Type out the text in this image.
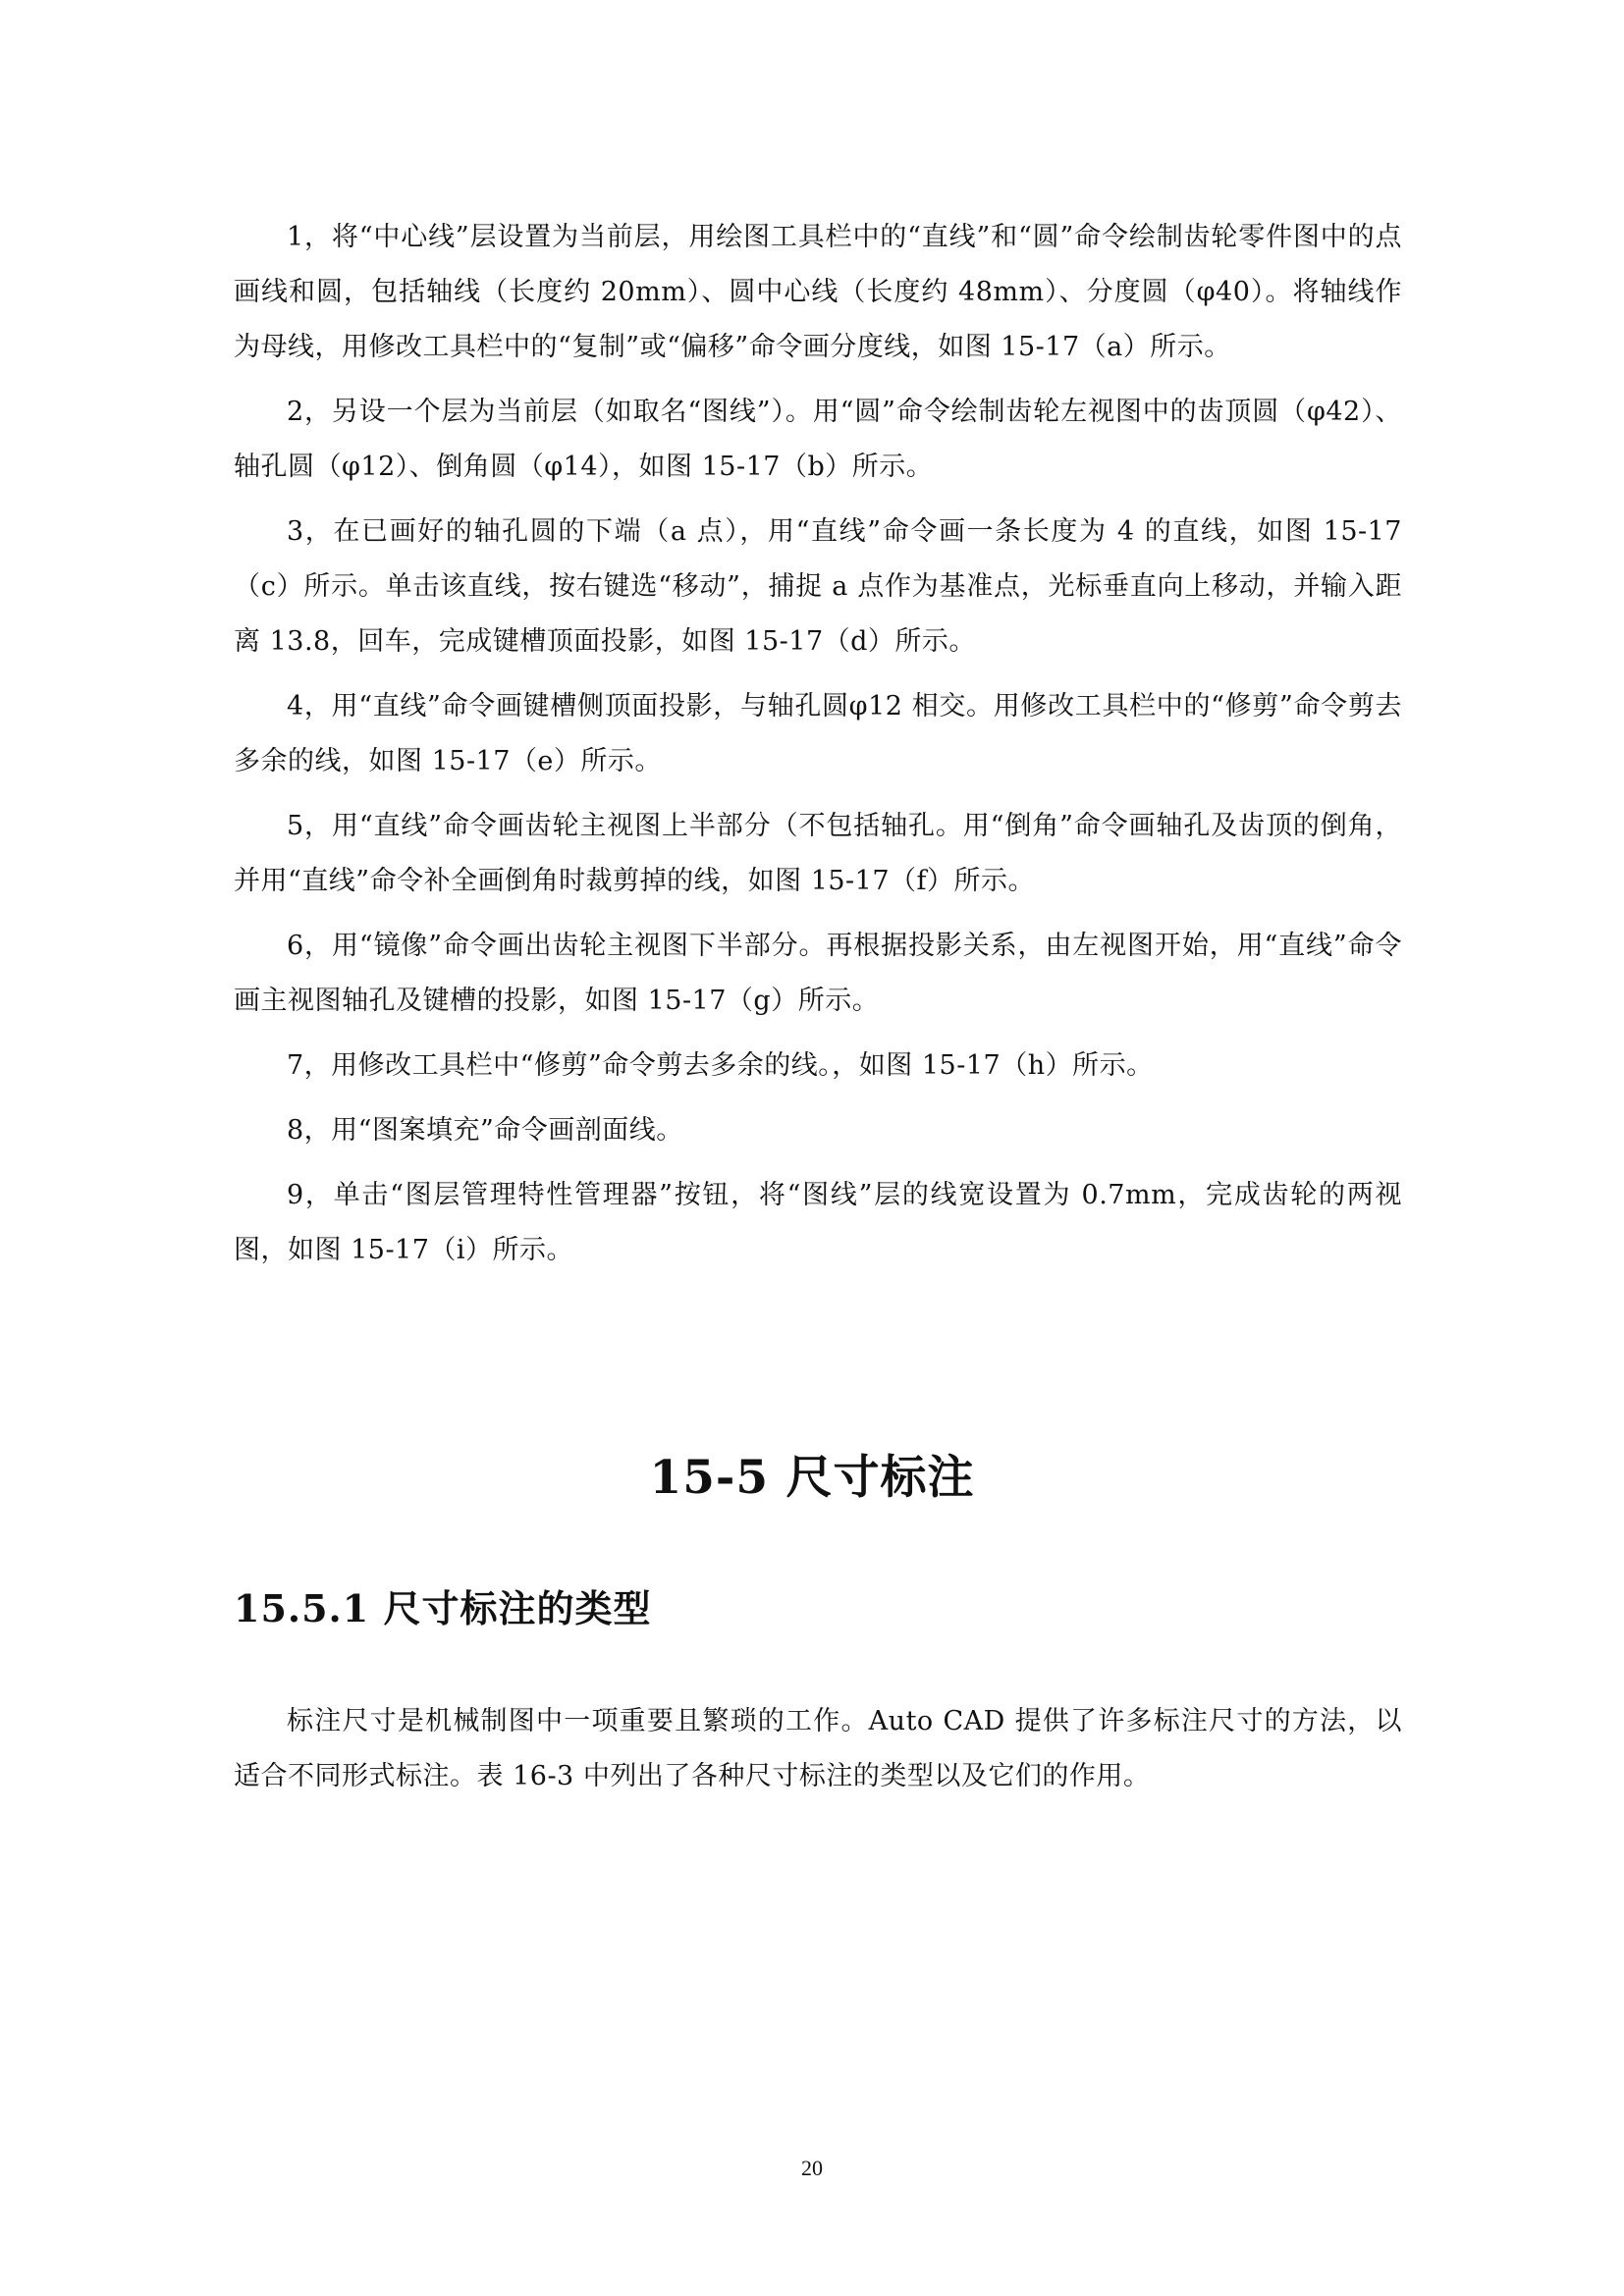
1，将“中心线”层设置为当前层，用绘图工具栏中的“直线”和“圆”命令绘制齿轮零件图中的点画线和圆，包括轴线（长度约 20mm）、圆中心线（长度约 48mm）、分度圆（φ40）。将轴线作为母线，用修改工具栏中的“复制”或“偏移”命令画分度线，如图 15-17（a）所示。

2，另设一个层为当前层（如取名“图线”）。用“圆”命令绘制齿轮左视图中的齿顶圆（φ42）、轴孔圆（φ12）、倒角圆（φ14），如图 15-17（b）所示。

3，在已画好的轴孔圆的下端（a 点），用“直线”命令画一条长度为 4 的直线，如图 15-17（c）所示。单击该直线，按右键选“移动”，捕捉 a 点作为基准点，光标垂直向上移动，并输入距离 13.8，回车，完成键槽顶面投影，如图 15-17（d）所示。

4，用“直线”命令画键槽侧顶面投影，与轴孔圆φ12 相交。用修改工具栏中的“修剪”命令剪去多余的线，如图 15-17（e）所示。

5，用“直线”命令画齿轮主视图上半部分（不包括轴孔。用“倒角”命令画轴孔及齿顶的倒角，并用“直线”命令补全画倒角时裁剪掉的线，如图 15-17（f）所示。

6，用“镜像”命令画出齿轮主视图下半部分。再根据投影关系，由左视图开始，用“直线”命令画主视图轴孔及键槽的投影，如图 15-17（g）所示。

7，用修改工具栏中“修剪”命令剪去多余的线。，如图 15-17（h）所示。

8，用“图案填充”命令画剖面线。

9，单击“图层管理特性管理器”按钮，将“图线”层的线宽设置为 0.7mm，完成齿轮的两视图，如图 15-17（i）所示。

15-5 尺寸标注
15.5.1 尺寸标注的类型

标注尺寸是机械制图中一项重要且繁琐的工作。Auto CAD 提供了许多标注尺寸的方法，以适合不同形式标注。表 16-3 中列出了各种尺寸标注的类型以及它们的作用。

20
